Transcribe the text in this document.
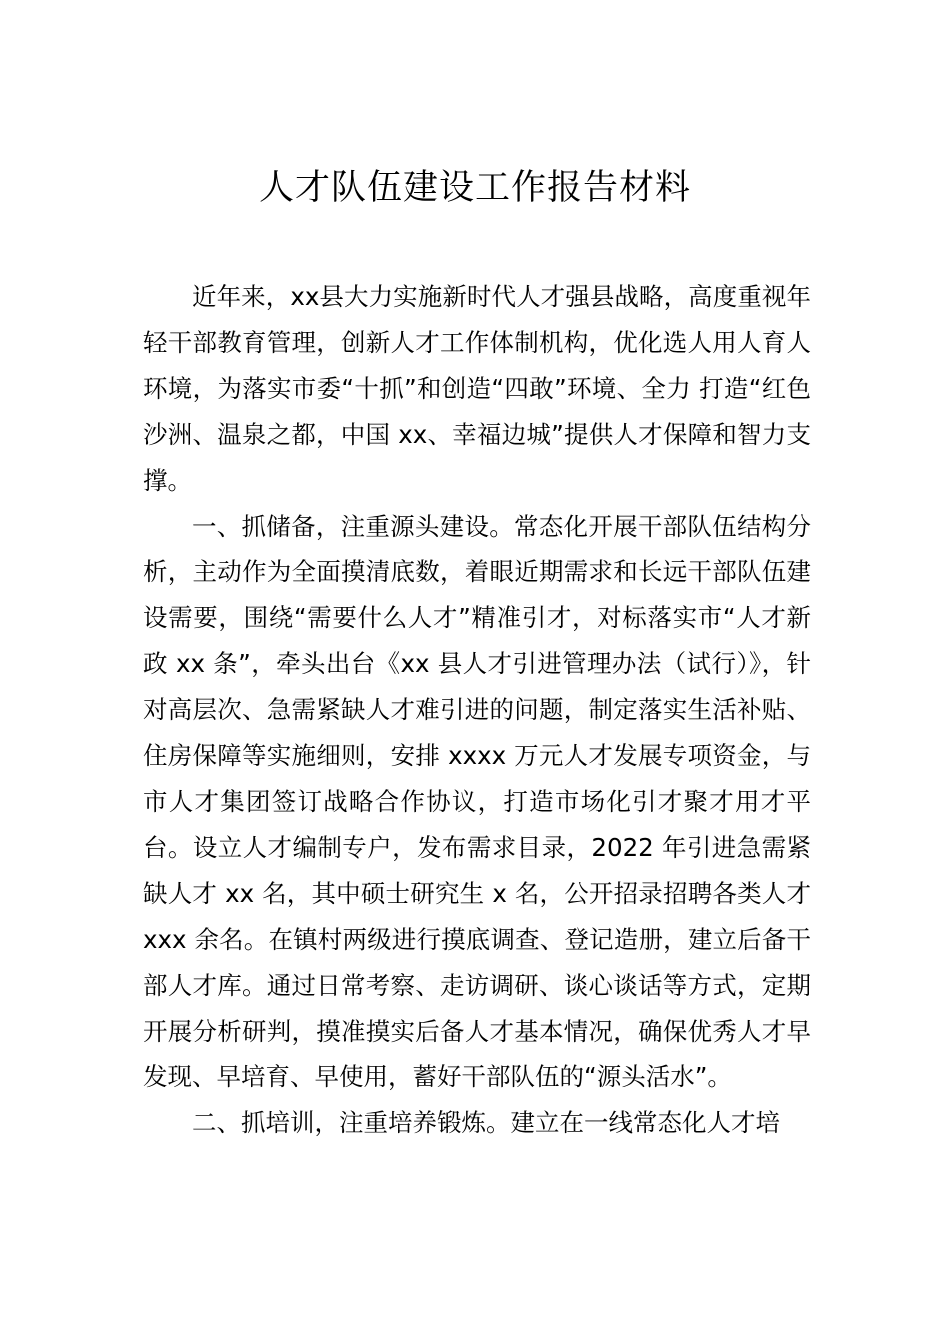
人才队伍建设工作报告材料

近年来，xx县大力实施新时代人才强县战略，高度重视年轻干部教育管理，创新人才工作体制机构，优化选人用人育人环境，为落实市委“十抓”和创造“四敢”环境、全力 打造“红色沙洲、温泉之都，中国 xx、幸福边城”提供人才保障和智力支撑。

一、抓储备，注重源头建设。常态化开展干部队伍结构分析，主动作为全面摸清底数，着眼近期需求和长远干部队伍建设需要，围绕“需要什么人才”精准引才，对标落实市“人才新政 xx 条”，牵头出台《xx 县人才引进管理办法（试行）》，针对高层次、急需紧缺人才难引进的问题，制定落实生活补贴、住房保障等实施细则，安排 xxxx 万元人才发展专项资金，与市人才集团签订战略合作协议，打造市场化引才聚才用才平台。设立人才编制专户，发布需求目录，2022 年引进急需紧缺人才 xx 名，其中硕士研究生 x 名，公开招录招聘各类人才 xxx 余名。在镇村两级进行摸底调查、登记造册，建立后备干部人才库。通过日常考察、走访调研、谈心谈话等方式，定期开展分析研判，摸准摸实后备人才基本情况，确保优秀人才早发现、早培育、早使用，蓄好干部队伍的“源头活水”。

二、抓培训，注重培养锻炼。建立在一线常态化人才培
